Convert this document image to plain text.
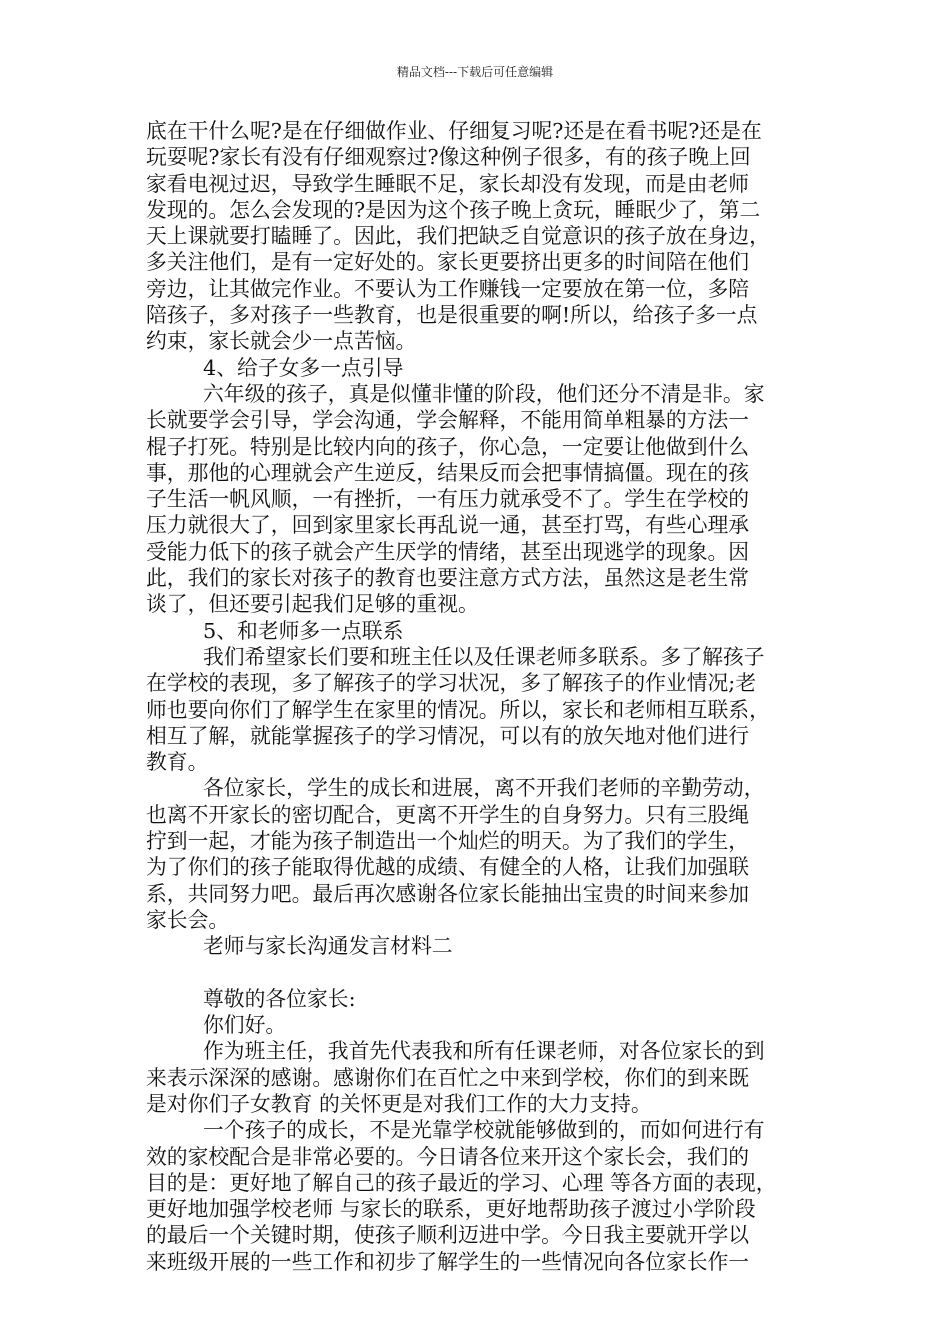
精品文档---下载后可任意编辑
底在干什么呢?是在仔细做作业、仔细复习呢?还是在看书呢?还是在
玩耍呢?家长有没有仔细观察过?像这种例子很多，有的孩子晚上回
家看电视过迟，导致学生睡眠不足，家长却没有发现，而是由老师
发现的。怎么会发现的?是因为这个孩子晚上贪玩，睡眠少了，第二
天上课就要打瞌睡了。因此，我们把缺乏自觉意识的孩子放在身边，
多关注他们，是有一定好处的。家长更要挤出更多的时间陪在他们
旁边，让其做完作业。不要认为工作赚钱一定要放在第一位，多陪
陪孩子，多对孩子一些教育，也是很重要的啊!所以，给孩子多一点
约束，家长就会少一点苦恼。
4、给子女多一点引导
六年级的孩子，真是似懂非懂的阶段，他们还分不清是非。家
长就要学会引导，学会沟通，学会解释，不能用简单粗暴的方法一
棍子打死。特别是比较内向的孩子，你心急，一定要让他做到什么
事，那他的心理就会产生逆反，结果反而会把事情搞僵。现在的孩
子生活一帆风顺，一有挫折，一有压力就承受不了。学生在学校的
压力就很大了，回到家里家长再乱说一通，甚至打骂，有些心理承
受能力低下的孩子就会产生厌学的情绪，甚至出现逃学的现象。因
此，我们的家长对孩子的教育也要注意方式方法，虽然这是老生常
谈了，但还要引起我们足够的重视。
5、和老师多一点联系
我们希望家长们要和班主任以及任课老师多联系。多了解孩子
在学校的表现，多了解孩子的学习状况，多了解孩子的作业情况;老
师也要向你们了解学生在家里的情况。所以，家长和老师相互联系，
相互了解，就能掌握孩子的学习情况，可以有的放矢地对他们进行
教育。
各位家长，学生的成长和进展，离不开我们老师的辛勤劳动，
也离不开家长的密切配合，更离不开学生的自身努力。只有三股绳
拧到一起，才能为孩子制造出一个灿烂的明天。为了我们的学生，
为了你们的孩子能取得优越的成绩、有健全的人格，让我们加强联
系，共同努力吧。最后再次感谢各位家长能抽出宝贵的时间来参加
家长会。
老师与家长沟通发言材料二
尊敬的各位家长:
你们好。
作为班主任，我首先代表我和所有任课老师，对各位家长的到
来表示深深的感谢。感谢你们在百忙之中来到学校，你们的到来既
是对你们子女教育 的关怀更是对我们工作的大力支持。
一个孩子的成长，不是光靠学校就能够做到的，而如何进行有
效的家校配合是非常必要的。今日请各位来开这个家长会，我们的
目的是：更好地了解自己的孩子最近的学习、心理 等各方面的表现，
更好地加强学校老师 与家长的联系，更好地帮助孩子渡过小学阶段
的最后一个关键时期，使孩子顺利迈进中学。今日我主要就开学以
来班级开展的一些工作和初步了解学生的一些情况向各位家长作一
